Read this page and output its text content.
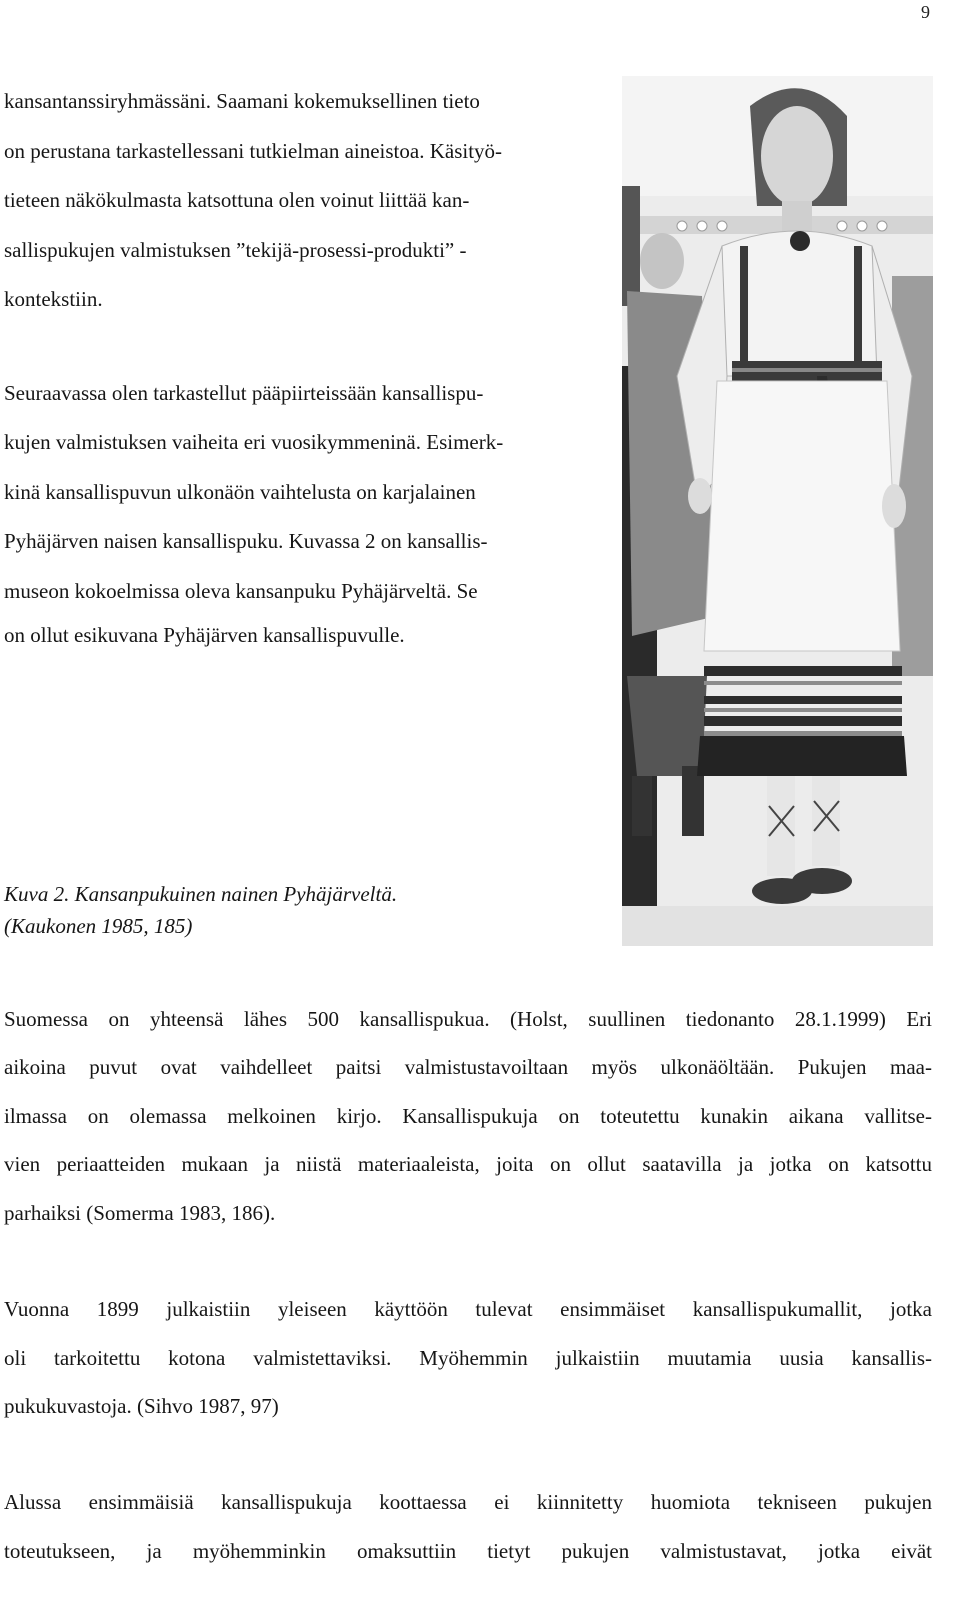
9
kansantanssiryhmässäni. Saamani kokemuksellinen tieto
on perustana tarkastellessani tutkielman aineistoa. Käsityö-
tieteen näkökulmasta katsottuna olen voinut liittää kan-
sallispukujen valmistuksen ”tekijä-prosessi-produkti” -
kontekstiin.
Seuraavassa olen tarkastellut pääpiirteissään kansallispu-
kujen valmistuksen vaiheita eri vuosikymmeninä. Esimerk-
kinä kansallispuvun ulkonäön vaihtelusta on karjalainen
Pyhäjärven naisen kansallispuku. Kuvassa 2 on kansallis-
museon kokoelmissa oleva kansanpuku Pyhäjärveltä. Se
on ollut esikuvana Pyhäjärven kansallispuvulle.
Kuva 2. Kansanpukuinen nainen Pyhäjärveltä.
(Kaukonen 1985, 185)
Suomessa on yhteensä lähes 500 kansallispukua. (Holst, suullinen tiedonanto 28.1.1999) Eri
aikoina puvut ovat vaihdelleet paitsi valmistustavoiltaan myös ulkonäöltään. Pukujen maa-
ilmassa on olemassa melkoinen kirjo. Kansallispukuja on toteutettu kunakin aikana vallitse-
vien periaatteiden mukaan ja niistä materiaaleista, joita on ollut saatavilla ja jotka on katsottu
parhaiksi (Somerma 1983, 186).
Vuonna 1899 julkaistiin yleiseen käyttöön tulevat ensimmäiset kansallispukumallit, jotka
oli tarkoitettu kotona valmistettaviksi. Myöhemmin julkaistiin muutamia uusia kansallis-
pukukuvastoja. (Sihvo 1987, 97)
Alussa ensimmäisiä kansallispukuja koottaessa ei kiinnitetty huomiota tekniseen pukujen
toteutukseen, ja myöhemminkin omaksuttiin tietyt pukujen valmistustavat, jotka eivät
